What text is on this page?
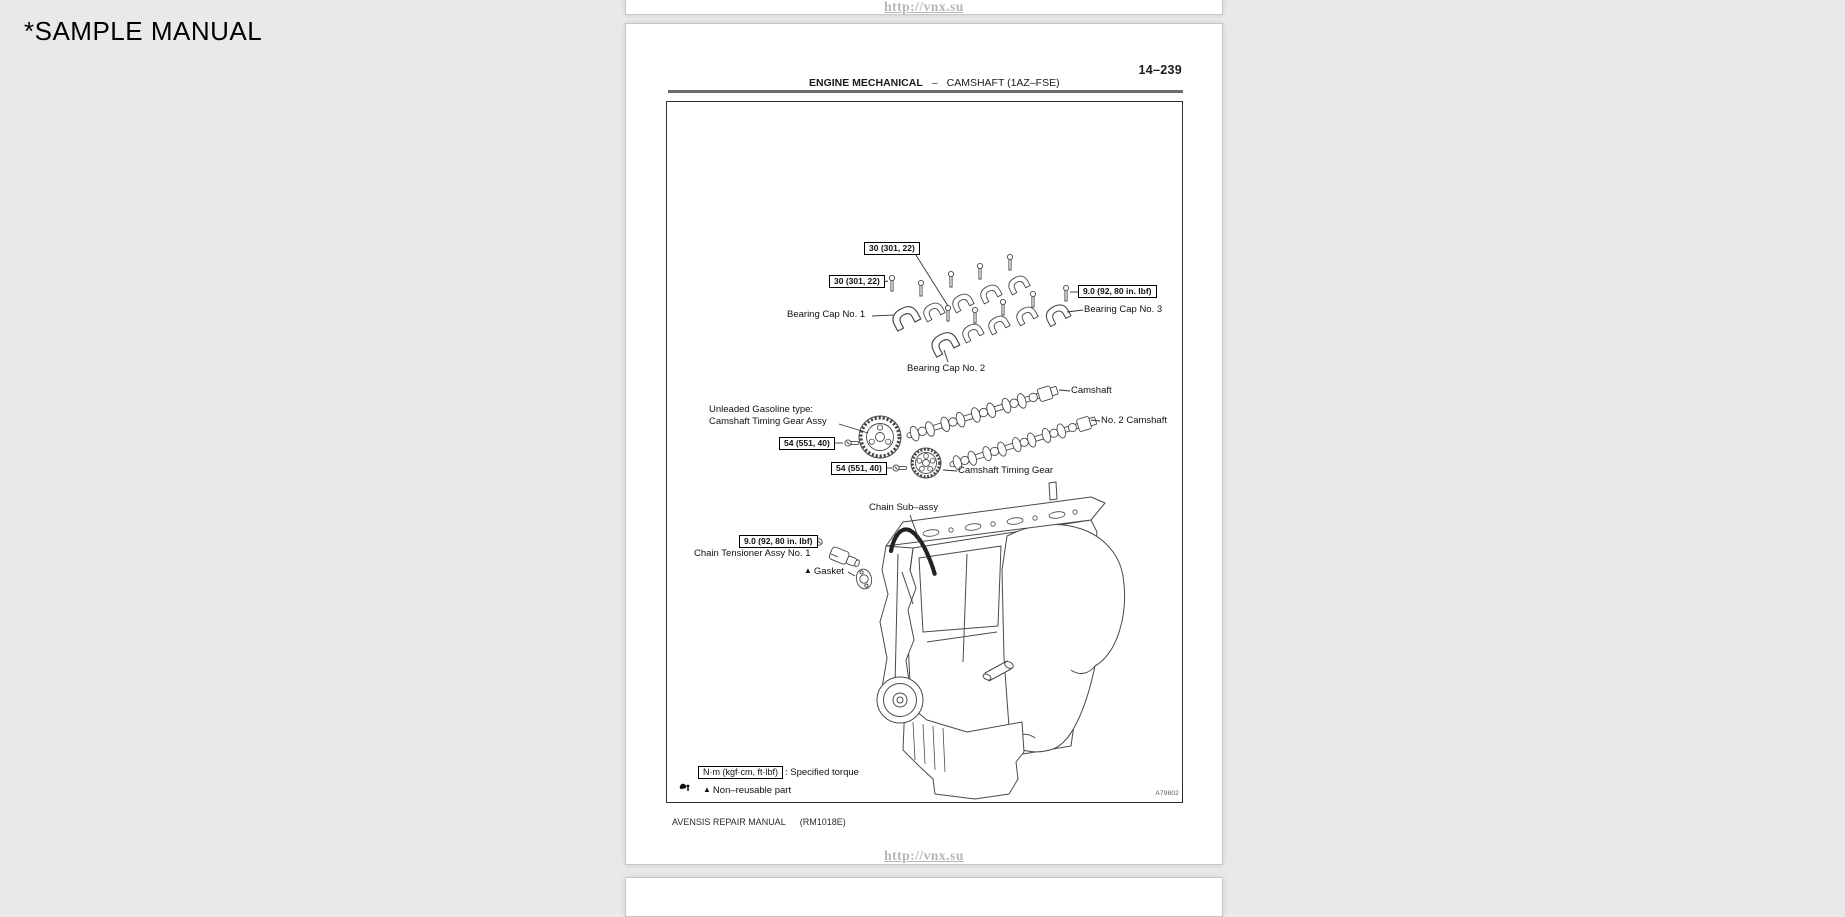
*SAMPLE MANUAL
http://vnx.su
14–239
ENGINE MECHANICAL – CAMSHAFT (1AZ–FSE)
30 (301, 22)
30 (301, 22)
9.0 (92, 80 in. lbf)
54 (551, 40)
54 (551, 40)
9.0 (92, 80 in. lbf)
Bearing Cap No. 1	Bearing Cap No. 3
Bearing Cap No. 2
Camshaft
Unleaded Gasoline type:
Camshaft Timing Gear Assy	No. 2 Camshaft
Camshaft Timing Gear
Chain Sub–assy
Chain Tensioner Assy No. 1
▲ Gasket
N·m (kgf·cm, ft·lbf) : Specified torque
▲ Non–reusable part	A79802
AVENSIS REPAIR MANUAL (RM1018E)
http://vnx.su
